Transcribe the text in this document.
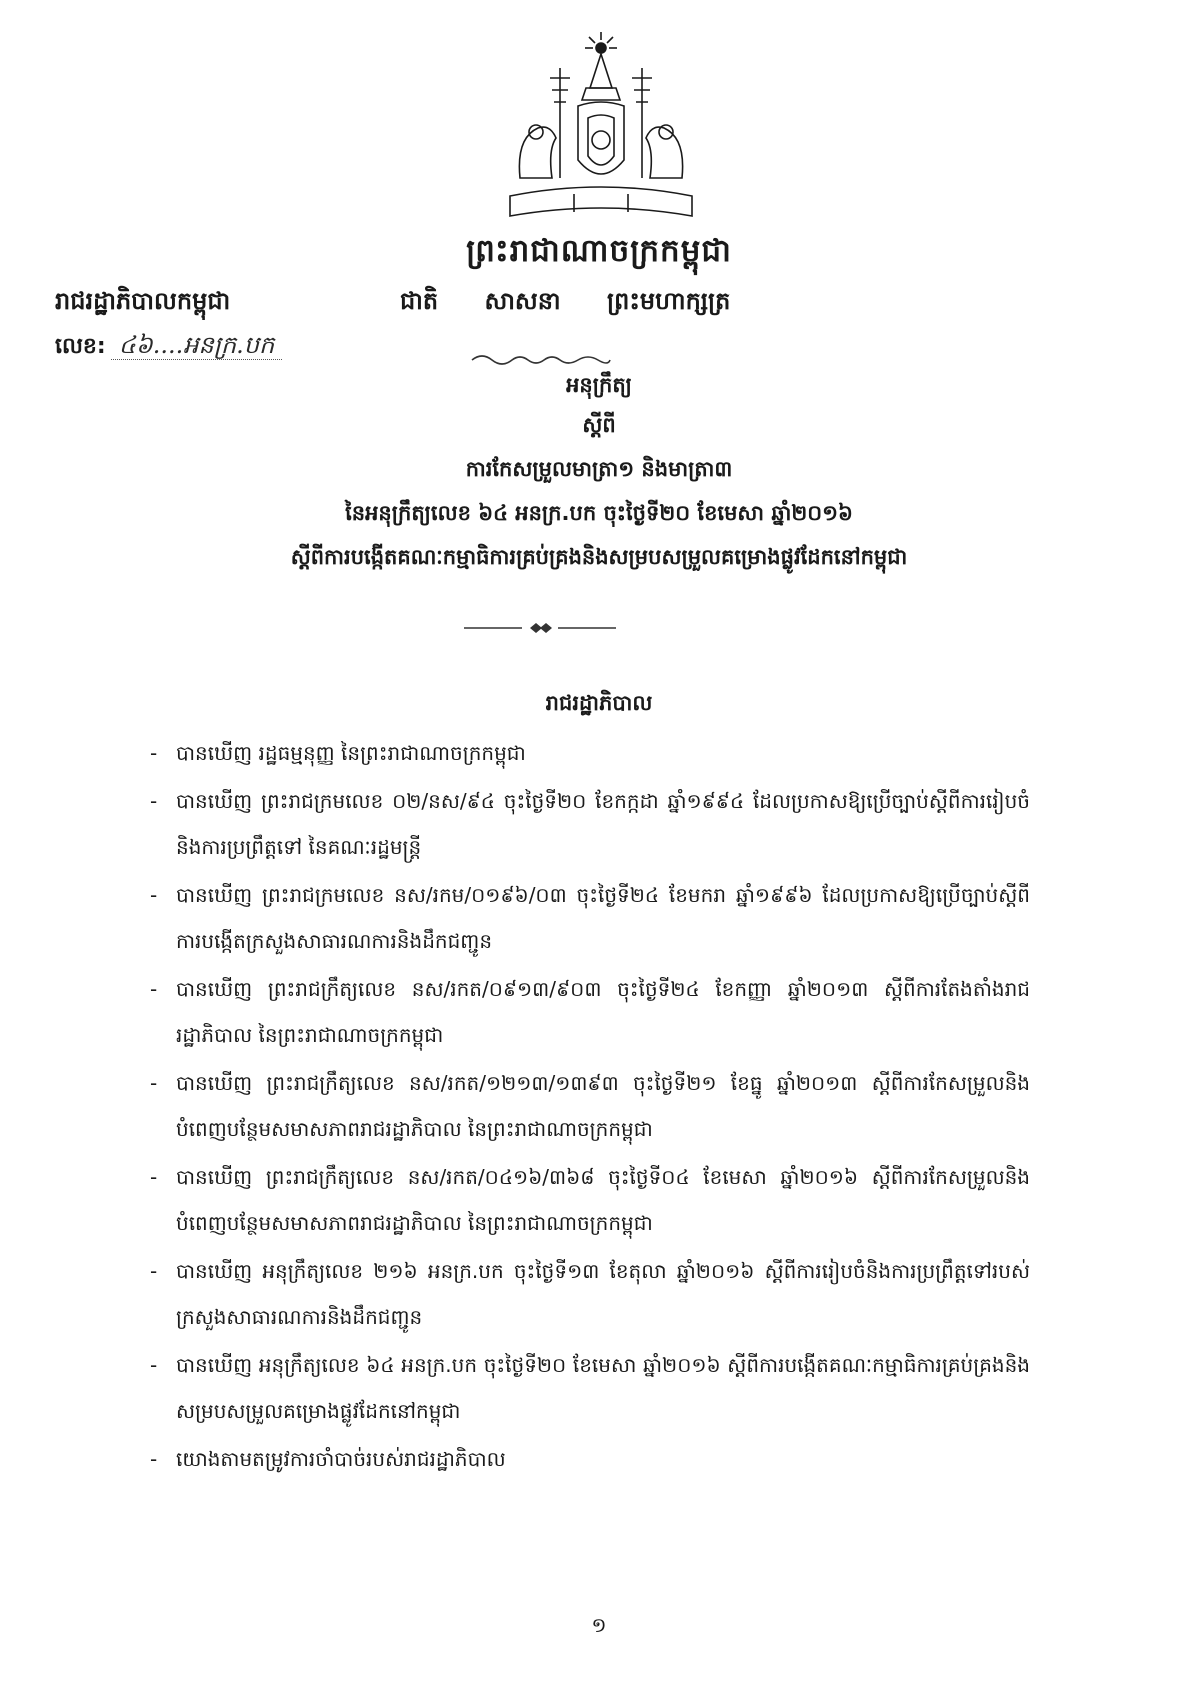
ព្រះរាជាណាចក្រកម្ពុជា
រាជរដ្ឋាភិបាលកម្ពុជា	ជាតិ សាសនា ព្រះមហាក្សត្រ
លេខ: ៤៦....អនក្រ.បក
អនុក្រឹត្យ
ស្តីពី
ការកែសម្រួលមាត្រា១ និងមាត្រា៣
នៃអនុក្រឹត្យលេខ ៦៤ អនក្រ.បក ចុះថ្ងៃទី២០ ខែមេសា ឆ្នាំ២០១៦
ស្តីពីការបង្កើតគណៈកម្មាធិការគ្រប់គ្រងនិងសម្របសម្រួលគម្រោងផ្លូវដែកនៅកម្ពុជា
រាជរដ្ឋាភិបាល
- បានឃើញ រដ្ឋធម្មនុញ្ញ នៃព្រះរាជាណាចក្រកម្ពុជា
- បានឃើញ ព្រះរាជក្រមលេខ ០២/នស/៩៤ ចុះថ្ងៃទី២០ ខែកក្កដា ឆ្នាំ១៩៩៤ ដែលប្រកាសឱ្យប្រើច្បាប់ស្តីពីការរៀបចំនិងការប្រព្រឹត្តទៅ នៃគណៈរដ្ឋមន្ត្រី
- បានឃើញ ព្រះរាជក្រមលេខ នស/រកម/០១៩៦/០៣ ចុះថ្ងៃទី២៤ ខែមករា ឆ្នាំ១៩៩៦ ដែលប្រកាសឱ្យប្រើច្បាប់ស្តីពីការបង្កើតក្រសួងសាធារណការនិងដឹកជញ្ជូន
- បានឃើញ ព្រះរាជក្រឹត្យលេខ នស/រកត/០៩១៣/៩០៣ ចុះថ្ងៃទី២៤ ខែកញ្ញា ឆ្នាំ២០១៣ ស្តីពីការតែងតាំងរាជរដ្ឋាភិបាល នៃព្រះរាជាណាចក្រកម្ពុជា
- បានឃើញ ព្រះរាជក្រឹត្យលេខ នស/រកត/១២១៣/១៣៩៣ ចុះថ្ងៃទី២១ ខែធ្នូ ឆ្នាំ២០១៣ ស្តីពីការកែសម្រួលនិងបំពេញបន្ថែមសមាសភាពរាជរដ្ឋាភិបាល នៃព្រះរាជាណាចក្រកម្ពុជា
- បានឃើញ ព្រះរាជក្រឹត្យលេខ នស/រកត/០៤១៦/៣៦៨ ចុះថ្ងៃទី០៤ ខែមេសា ឆ្នាំ២០១៦ ស្តីពីការកែសម្រួលនិងបំពេញបន្ថែមសមាសភាពរាជរដ្ឋាភិបាល នៃព្រះរាជាណាចក្រកម្ពុជា
- បានឃើញ អនុក្រឹត្យលេខ ២១៦ អនក្រ.បក ចុះថ្ងៃទី១៣ ខែតុលា ឆ្នាំ២០១៦ ស្តីពីការរៀបចំនិងការប្រព្រឹត្តទៅរបស់ក្រសួងសាធារណការនិងដឹកជញ្ជូន
- បានឃើញ អនុក្រឹត្យលេខ ៦៤ អនក្រ.បក ចុះថ្ងៃទី២០ ខែមេសា ឆ្នាំ២០១៦ ស្តីពីការបង្កើតគណៈកម្មាធិការគ្រប់គ្រងនិងសម្របសម្រួលគម្រោងផ្លូវដែកនៅកម្ពុជា
- យោងតាមតម្រូវការចាំបាច់របស់រាជរដ្ឋាភិបាល
១
